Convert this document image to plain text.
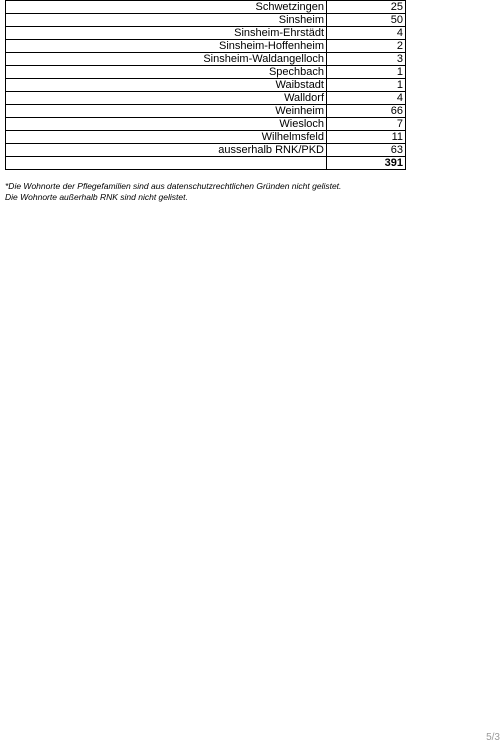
Schwetzingen	25
Sinsheim	50
Sinsheim-Ehrstädt	4
Sinsheim-Hoffenheim	2
Sinsheim-Waldangelloch	3
Spechbach	1
Waibstadt	1
Walldorf	4
Weinheim	66
Wiesloch	7
Wilhelmsfeld	11
ausserhalb RNK/PKD	63
	391
*Die Wohnorte der Pflegefamilien sind aus datenschutzrechtlichen Gründen nicht gelistet.
Die Wohnorte außerhalb RNK sind nicht gelistet.
5/3
